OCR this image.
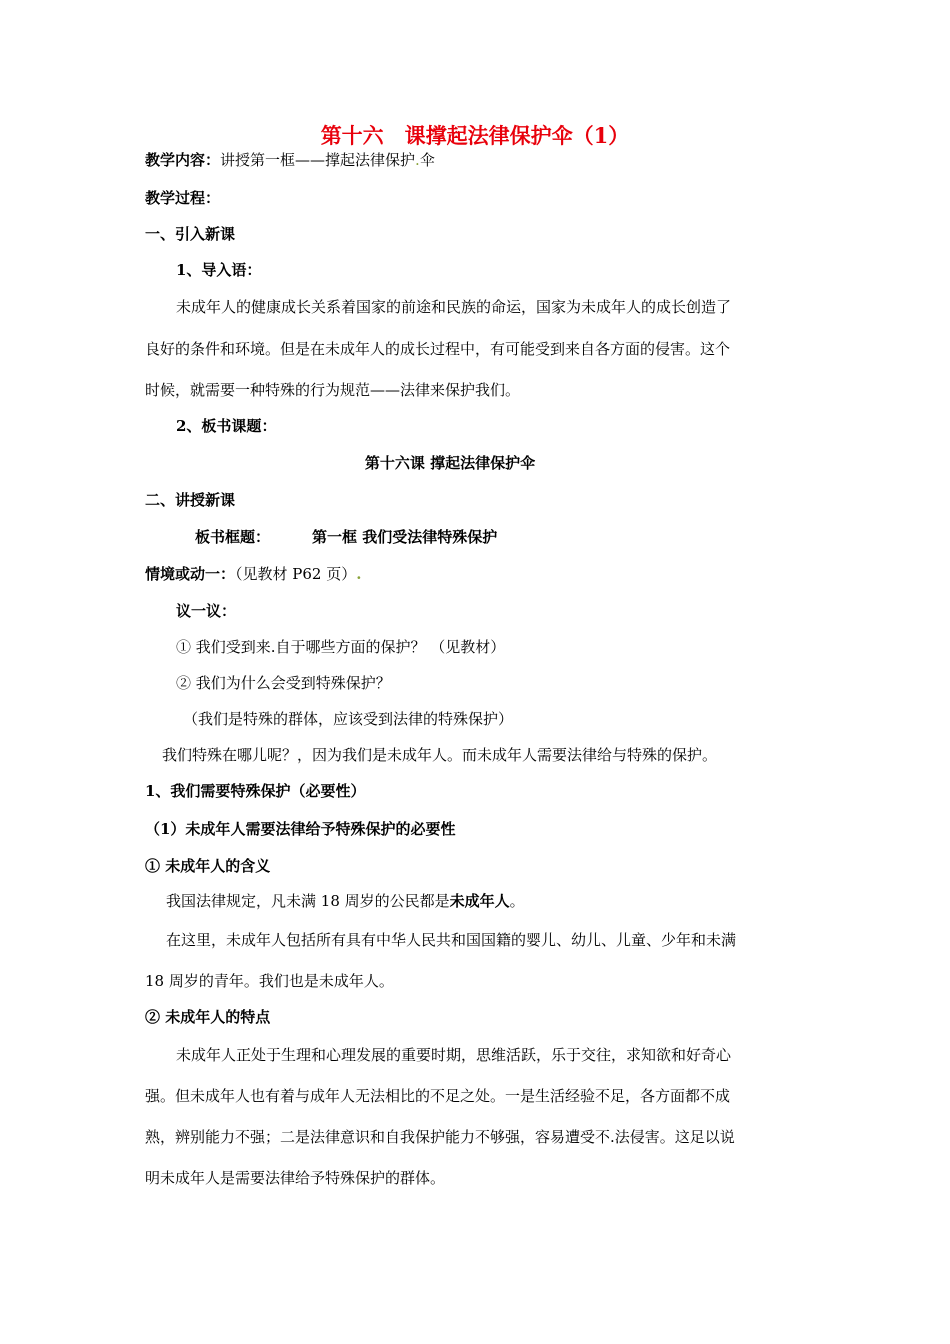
第十六　课撑起法律保护伞（1）
教学内容：讲授第一框——撑起法律保护.伞
教学过程：
一、引入新课
1、导入语：
未成年人的健康成长关系着国家的前途和民族的命运，国家为未成年人的成长创造了
良好的条件和环境。但是在未成年人的成长过程中，有可能受到来自各方面的侵害。这个
时候，就需要一种特殊的行为规范——法律来保护我们。
2、板书课题：
第十六课 撑起法律保护伞
二、讲授新课
板书框题：	第一框 我们受法律特殊保护
情境或动一：（见教材 P62 页）.
议一议：
① 我们受到来.自于哪些方面的保护？ （见教材）
② 我们为什么会受到特殊保护？
（我们是特殊的群体，应该受到法律的特殊保护）
我们特殊在哪儿呢？，因为我们是未成年人。而未成年人需要法律给与特殊的保护。
1、我们需要特殊保护（必要性）
（1）未成年人需要法律给予特殊保护的必要性
① 未成年人的含义
我国法律规定，凡未满 18 周岁的公民都是未成年人。
在这里，未成年人包括所有具有中华人民共和国国籍的婴儿、幼儿、儿童、少年和未满
18 周岁的青年。我们也是未成年人。
② 未成年人的特点
未成年人正处于生理和心理发展的重要时期，思维活跃，乐于交往，求知欲和好奇心
强。但未成年人也有着与成年人无法相比的不足之处。一是生活经验不足，各方面都不成
熟，辨别能力不强；二是法律意识和自我保护能力不够强，容易遭受不.法侵害。这足以说
明未成年人是需要法律给予特殊保护的群体。
